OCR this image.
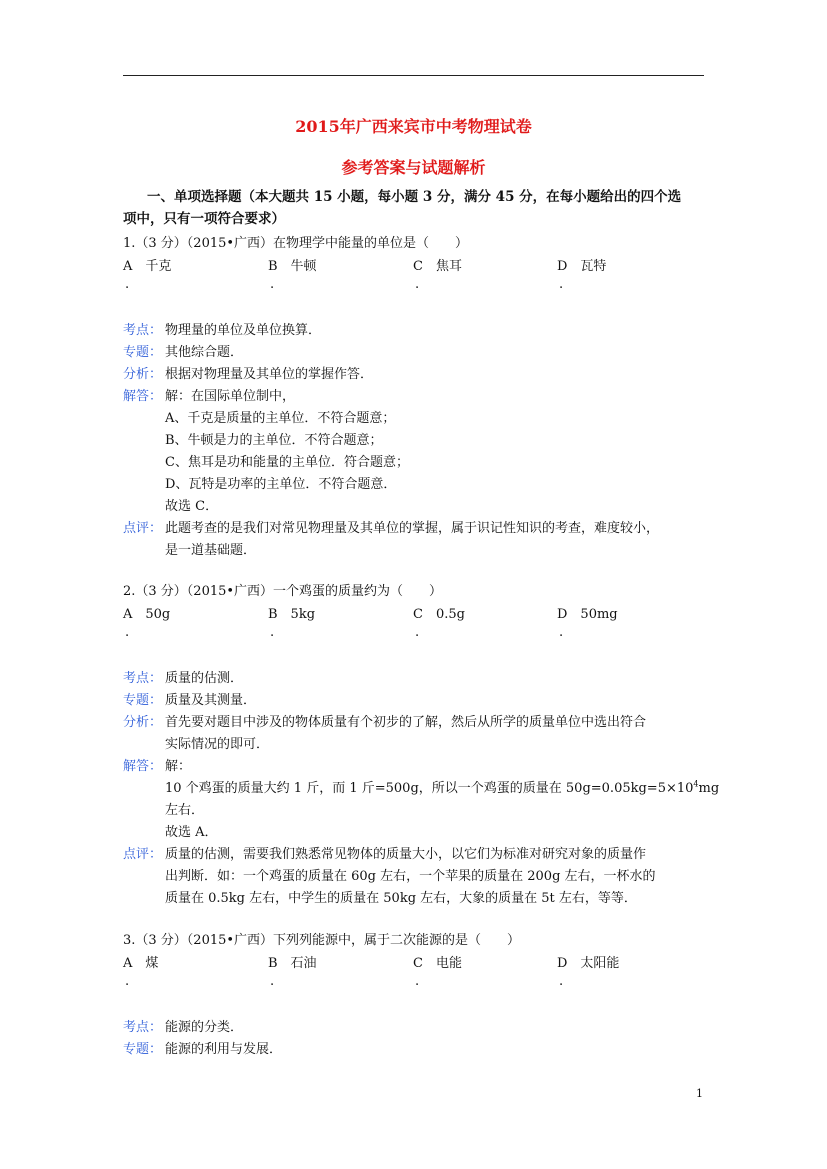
2015年广西来宾市中考物理试卷
参考答案与试题解析
一、单项选择题（本大题共 15 小题，每小题 3 分，满分 45 分，在每小题给出的四个选
项中，只有一项符合要求）
1.（3 分）（2015•广西）在物理学中能量的单位是（　　）
A　千克	B　牛顿	C　焦耳	D　瓦特
.	.	.	.
考点： 物理量的单位及单位换算．
专题： 其他综合题．
分析： 根据对物理量及其单位的掌握作答．
解答： 解：在国际单位制中，
A、千克是质量的主单位．不符合题意；
B、牛顿是力的主单位．不符合题意；
C、焦耳是功和能量的主单位．符合题意；
D、瓦特是功率的主单位．不符合题意．
故选 C．
点评： 此题考查的是我们对常见物理量及其单位的掌握，属于识记性知识的考查，难度较小，
是一道基础题．
2.（3 分）（2015•广西）一个鸡蛋的质量约为（　　）
A　50g	B　5kg	C　0.5g	D　50mg
.	.	.	.
考点： 质量的估测．
专题： 质量及其测量．
分析： 首先要对题目中涉及的物体质量有个初步的了解，然后从所学的质量单位中选出符合
实际情况的即可．
解答： 解：
10 个鸡蛋的质量大约 1 斤，而 1 斤=500g，所以一个鸡蛋的质量在 $50g=0.05kg=5\times 10^4mg$
左右．
故选 A．
点评： 质量的估测，需要我们熟悉常见物体的质量大小，以它们为标准对研究对象的质量作
出判断．如：一个鸡蛋的质量在 60g 左右，一个苹果的质量在 200g 左右，一杯水的
质量在 0.5kg 左右，中学生的质量在 50kg 左右，大象的质量在 5t 左右，等等．
3.（3 分）（2015•广西）下列列能源中，属于二次能源的是（　　）
A　煤	B　石油	C　电能	D　太阳能
.	.	.	.
考点： 能源的分类．
专题： 能源的利用与发展．
1
